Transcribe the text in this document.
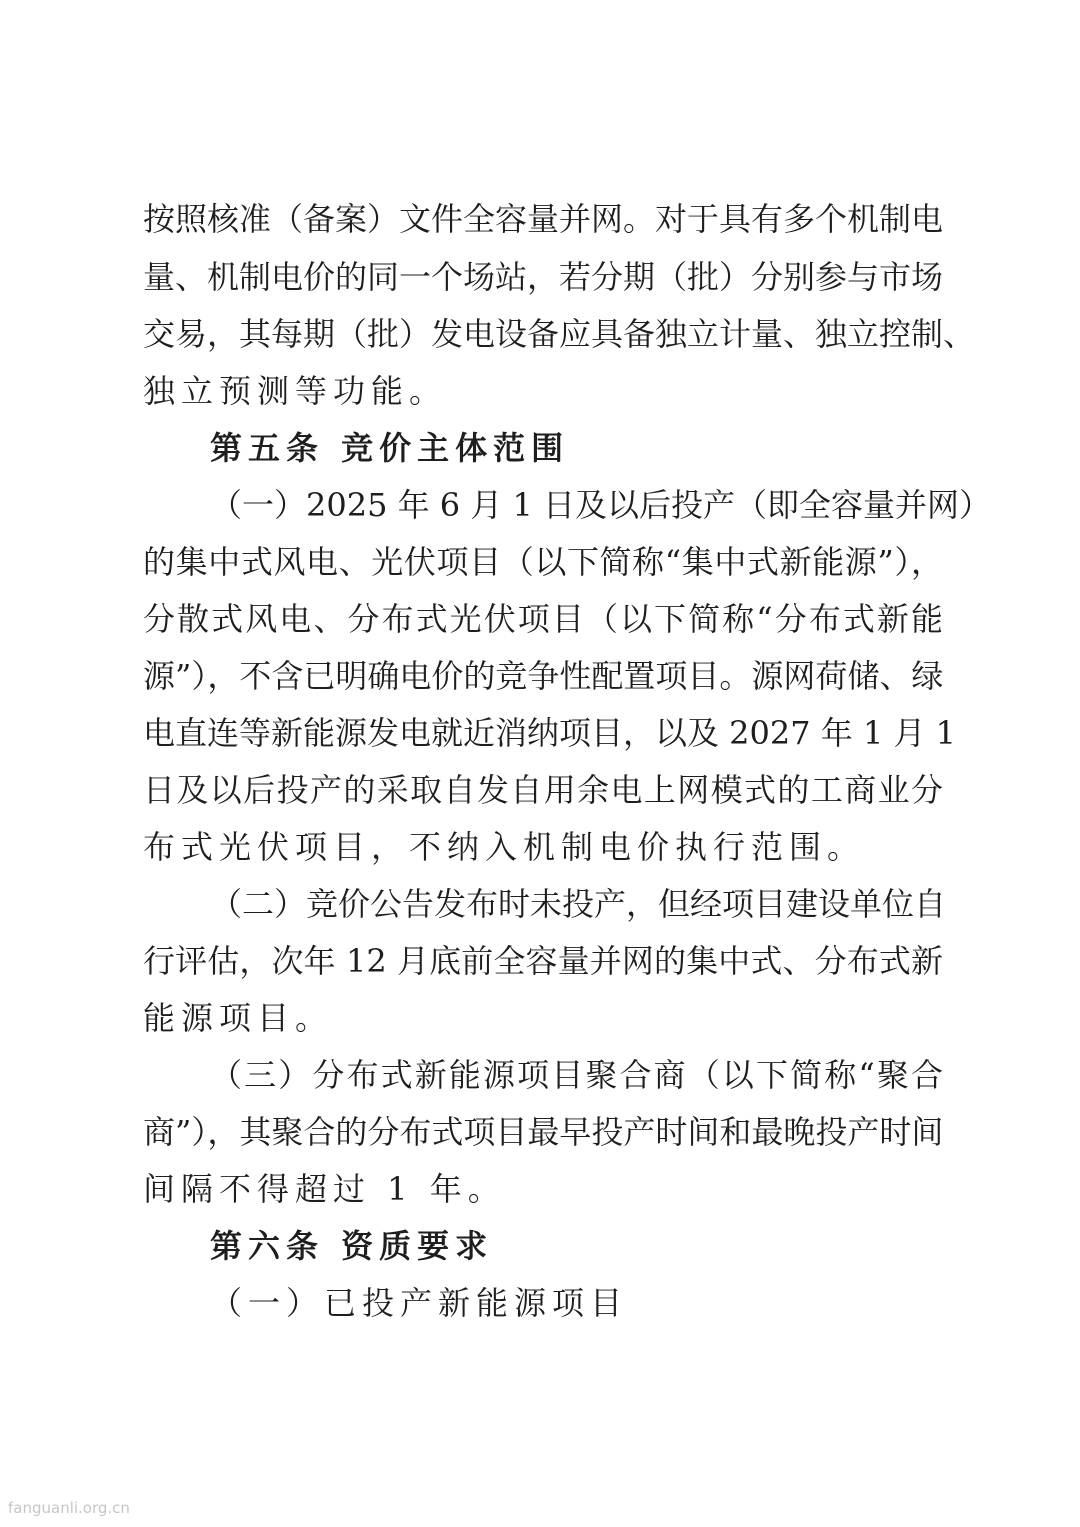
按照核准（备案）文件全容量并网。对于具有多个机制电
量、机制电价的同一个场站，若分期（批）分别参与市场
交易，其每期（批）发电设备应具备独立计量、独立控制、
独立预测等功能。
第五条 竞价主体范围
（一）2025 年 6 月 1 日及以后投产（即全容量并网）
的集中式风电、光伏项目（以下简称“集中式新能源”），
分散式风电、分布式光伏项目（以下简称“分布式新能
源”），不含已明确电价的竞争性配置项目。源网荷储、绿
电直连等新能源发电就近消纳项目，以及 2027 年 1 月 1
日及以后投产的采取自发自用余电上网模式的工商业分
布式光伏项目，不纳入机制电价执行范围。
（二）竞价公告发布时未投产，但经项目建设单位自
行评估，次年 12 月底前全容量并网的集中式、分布式新
能源项目。
（三）分布式新能源项目聚合商（以下简称“聚合
商”），其聚合的分布式项目最早投产时间和最晚投产时间
间隔不得超过 1 年。
第六条 资质要求
（一）已投产新能源项目
fanguanli.org.cn
